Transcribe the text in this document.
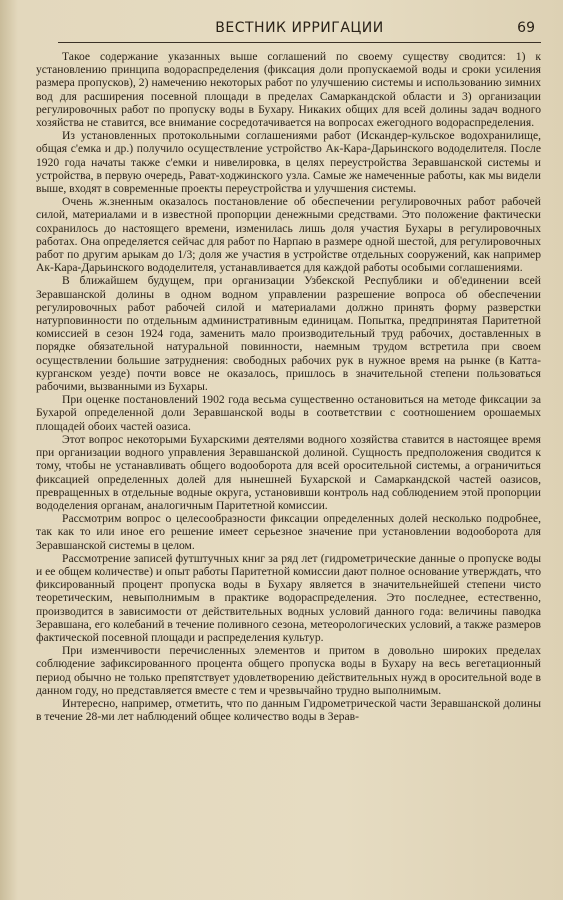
ВЕСТНИК ИРРИГАЦИИ	69

Такое содержание указанных выше соглашений по своему существу сводится: 1) к установлению принципа водораспределения (фиксация доли пропускаемой воды и сроки усиления размера пропусков), 2) намечению некоторых работ по улучшению системы и использованию зимних вод для расширения посевной площади в пределах Самаркандской области и 3) организации регулировочных работ по пропуску воды в Бухару. Никаких общих для всей долины задач водного хозяйства не ставится, все внимание сосредотачивается на вопросах ежегодного водораспределения.

Из установленных протокольными соглашениями работ (Искандер-кульское водохранилище, общая с'емка и др.) получило осуществление устройство Ак-Кара-Дарьинского вододелителя. После 1920 года начаты также с'емки и нивелировка, в целях переустройства Зеравшанской системы и устройства, в первую очередь, Рават-ходжинского узла. Самые же намеченные работы, как мы видели выше, входят в современные проекты переустройства и улучшения системы.

Очень ж.зненным оказалось постановление об обеспечении регулировочных работ рабочей силой, материалами и в известной пропорции денежными средствами. Это положение фактически сохранилось до настоящего времени, изменилась лишь доля участия Бухары в регулировочных работах. Она определяется сейчас для работ по Нарпаю в размере одной шестой, для регулировочных работ по другим арыкам до 1/3; доля же участия в устройстве отдельных сооружений, как например Ак-Кара-Дарьинского вододелителя, устанавливается для каждой работы особыми соглашениями.

В ближайшем будущем, при организации Узбекской Республики и об'единении всей Зеравшанской долины в одном водном управлении разрешение вопроса об обеспечении регулировочных работ рабочей силой и материалами должно принять форму разверстки натурповинности по отдельным административным единицам. Попытка, предпринятая Паритетной комиссией в сезон 1924 года, заменить мало производительный труд рабочих, доставленных в порядке обязательной натуральной повинности, наемным трудом встретила при своем осуществлении большие затруднения: свободных рабочих рук в нужное время на рынке (в Катта-курганском уезде) почти вовсе не оказалось, пришлось в значительной степени пользоваться рабочими, вызванными из Бухары.

При оценке постановлений 1902 года весьма существенно остановиться на методе фиксации за Бухарой определенной доли Зеравшанской воды в соответствии с соотношением орошаемых площадей обоих частей оазиса.

Этот вопрос некоторыми Бухарскими деятелями водного хозяйства ставится в настоящее время при организации водного управления Зеравшанской долиной. Сущность предположения сводится к тому, чтобы не устанавливать общего водооборота для всей оросительной системы, а ограничиться фиксацией определенных долей для нынешней Бухарской и Самаркандской частей оазисов, превращенных в отдельные водные округа, установивши контроль над соблюдением этой пропорции вододеления органам, аналогичным Паритетной комиссии.

Рассмотрим вопрос о целесообразности фиксации определенных долей несколько подробнее, так как то или иное его решение имеет серьезное значение при установлении водооборота для Зеравшанской системы в целом.

Рассмотрение записей футштучных книг за ряд лет (гидрометрические данные о пропуске воды и ее общем количестве) и опыт работы Паритетной комиссии дают полное основание утверждать, что фиксированный процент пропуска воды в Бухару является в значительнейшей степени чисто теоретическим, невыполнимым в практике водораспределения. Это последнее, естественно, производится в зависимости от действительных водных условий данного года: величины паводка Зеравшана, его колебаний в течение поливного сезона, метеорологических условий, а также размеров фактической посевной площади и распределения культур.

При изменчивости перечисленных элементов и притом в довольно широких пределах соблюдение зафиксированного процента общего пропуска воды в Бухару на весь вегетационный период обычно не только препятствует удовлетворению действительных нужд в оросительной воде в данном году, но представляется вместе с тем и чрезвычайно трудно выполнимым.

Интересно, например, отметить, что по данным Гидрометрической части Зеравшанской долины в течение 28-ми лет наблюдений общее количество воды в Зерав-
